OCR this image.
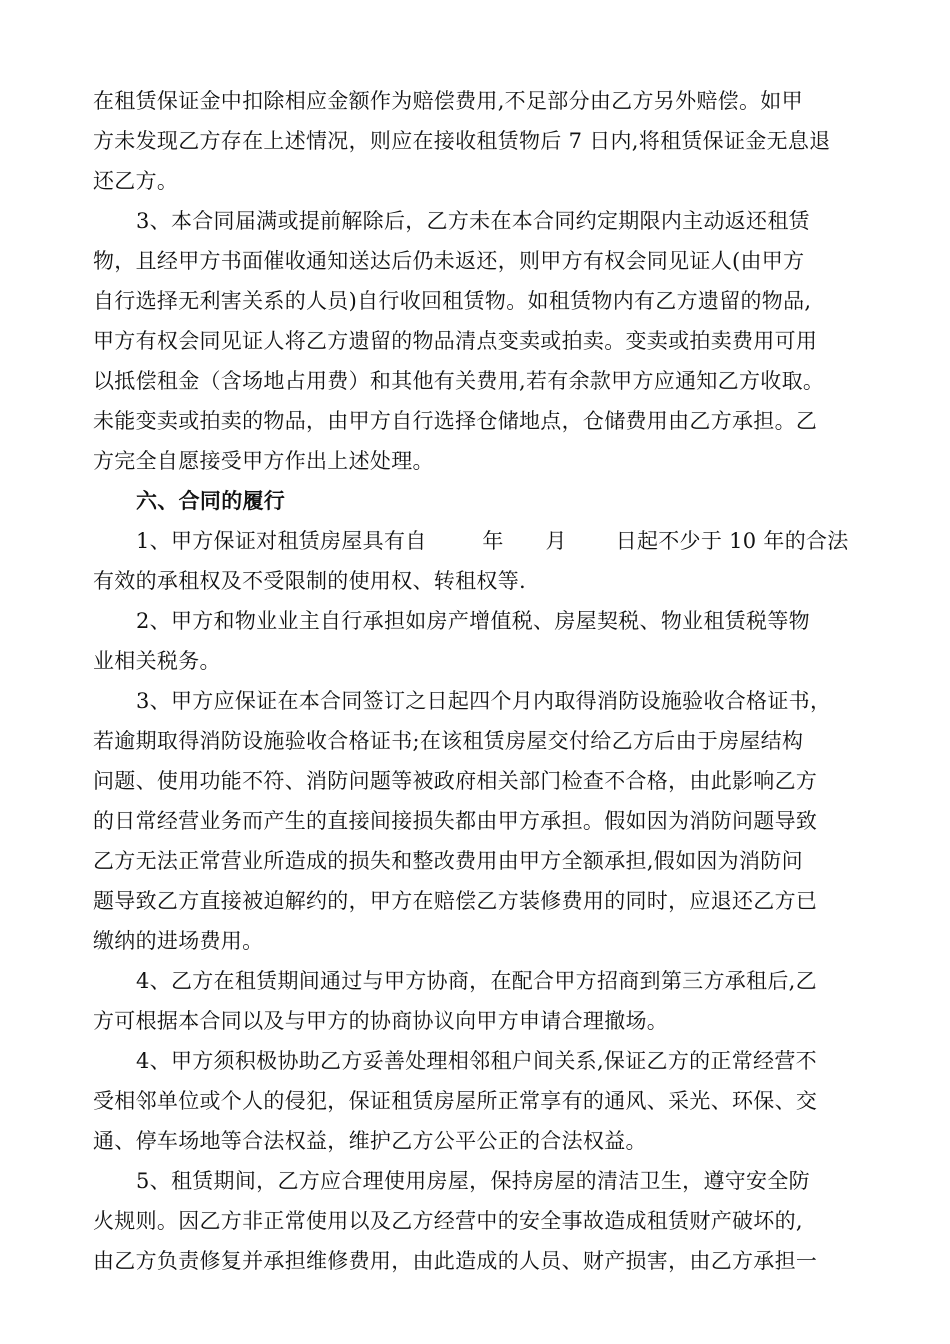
在租赁保证金中扣除相应金额作为赔偿费用,不足部分由乙方另外赔偿。如甲
方未发现乙方存在上述情况，则应在接收租赁物后 7 日内,将租赁保证金无息退
还乙方。
3、本合同届满或提前解除后，乙方未在本合同约定期限内主动返还租赁
物，且经甲方书面催收通知送达后仍未返还，则甲方有权会同见证人(由甲方
自行选择无利害关系的人员)自行收回租赁物。如租赁物内有乙方遗留的物品,
甲方有权会同见证人将乙方遗留的物品清点变卖或拍卖。变卖或拍卖费用可用
以抵偿租金（含场地占用费）和其他有关费用,若有余款甲方应通知乙方收取。
未能变卖或拍卖的物品，由甲方自行选择仓储地点，仓储费用由乙方承担。乙
方完全自愿接受甲方作出上述处理。
六、合同的履行
1、甲方保证对租赁房屋具有自        年      月       日起不少于 10 年的合法
有效的承租权及不受限制的使用权、转租权等.
2、甲方和物业业主自行承担如房产增值税、房屋契税、物业租赁税等物
业相关税务。
3、甲方应保证在本合同签订之日起四个月内取得消防设施验收合格证书，
若逾期取得消防设施验收合格证书;在该租赁房屋交付给乙方后由于房屋结构
问题、使用功能不符、消防问题等被政府相关部门检查不合格，由此影响乙方
的日常经营业务而产生的直接间接损失都由甲方承担。假如因为消防问题导致
乙方无法正常营业所造成的损失和整改费用由甲方全额承担,假如因为消防问
题导致乙方直接被迫解约的，甲方在赔偿乙方装修费用的同时，应退还乙方已
缴纳的进场费用。
4、乙方在租赁期间通过与甲方协商，在配合甲方招商到第三方承租后,乙
方可根据本合同以及与甲方的协商协议向甲方申请合理撤场。
4、甲方须积极协助乙方妥善处理相邻租户间关系,保证乙方的正常经营不
受相邻单位或个人的侵犯，保证租赁房屋所正常享有的通风、采光、环保、交
通、停车场地等合法权益，维护乙方公平公正的合法权益。
5、租赁期间，乙方应合理使用房屋，保持房屋的清洁卫生，遵守安全防
火规则。因乙方非正常使用以及乙方经营中的安全事故造成租赁财产破坏的,
由乙方负责修复并承担维修费用，由此造成的人员、财产损害，由乙方承担一
